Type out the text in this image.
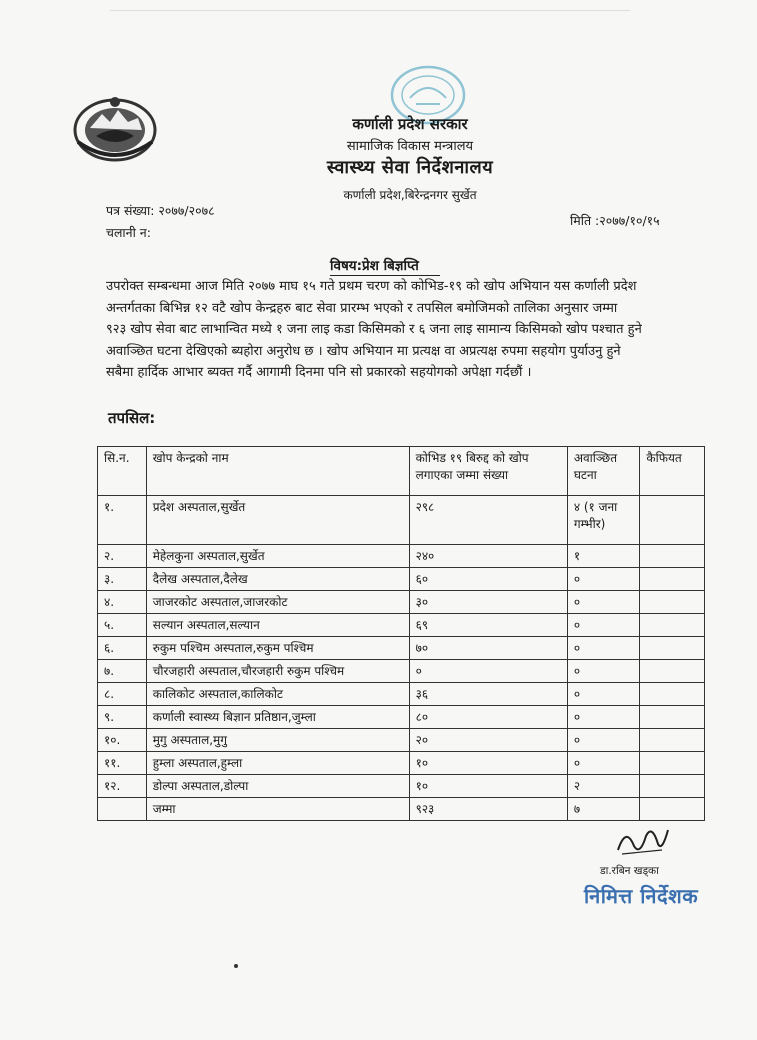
कर्णाली प्रदेश सरकार
सामाजिक विकास मन्त्रालय
स्वास्थ्य सेवा निर्देशनालय
कर्णाली प्रदेश,बिरेन्द्रनगर सुर्खेत
पत्र संख्या: २०७७/२०७८
चलानी न:
मिति :२०७७/१०/१५
विषय:प्रेश बिज्ञप्ति
उपरोक्त सम्बन्धमा आज मिति २०७७ माघ १५ गते प्रथम चरण को कोभिड-१९ को खोप अभियान यस कर्णाली प्रदेश
अन्तर्गतका बिभिन्न १२ वटै खोप केन्द्रहरु बाट सेवा प्रारम्भ भएको र तपसिल बमोजिमको तालिका अनुसार जम्मा
९२३ खोप सेवा बाट लाभान्वित मध्ये १ जना लाइ कडा किसिमको र ६ जना लाइ सामान्य किसिमको खोप पश्चात हुने
अवाञ्छित घटना देखिएको ब्यहोरा अनुरोध छ । खोप अभियान मा प्रत्यक्ष वा अप्रत्यक्ष रुपमा सहयोग पुर्याउनु हुने
सबैमा हार्दिक आभार ब्यक्त गर्दै आगामी दिनमा पनि सो प्रकारको सहयोगको अपेक्षा गर्दछौं ।
तपसिल:
सि.न.	खोप केन्द्रको नाम	कोभिड १९ बिरुद्द को खोप लगाएका जम्मा संख्या	अवाञ्छित घटना	कैफियत
१.	प्रदेश अस्पताल,सुर्खेत	२९८	४ (१ जना गम्भीर)	
२.	मेहेलकुना अस्पताल,सुर्खेत	२४०	१	
३.	दैलेख अस्पताल,दैलेख	६०	०	
४.	जाजरकोट अस्पताल,जाजरकोट	३०	०	
५.	सल्यान अस्पताल,सल्यान	६९	०	
६.	रुकुम पश्चिम अस्पताल,रुकुम पश्चिम	७०	०	
७.	चौरजहारी अस्पताल,चौरजहारी रुकुम पश्चिम	०	०	
८.	कालिकोट अस्पताल,कालिकोट	३६	०	
९.	कर्णाली स्वास्थ्य बिज्ञान प्रतिष्ठान,जुम्ला	८०	०	
१०.	मुगु अस्पताल,मुगु	२०	०	
११.	हुम्ला अस्पताल,हुम्ला	१०	०	
१२.	डोल्पा अस्पताल,डोल्पा	१०	२	
	जम्मा	९२३	७	
डा.रबिन खड्का
निमित्त निर्देशक
